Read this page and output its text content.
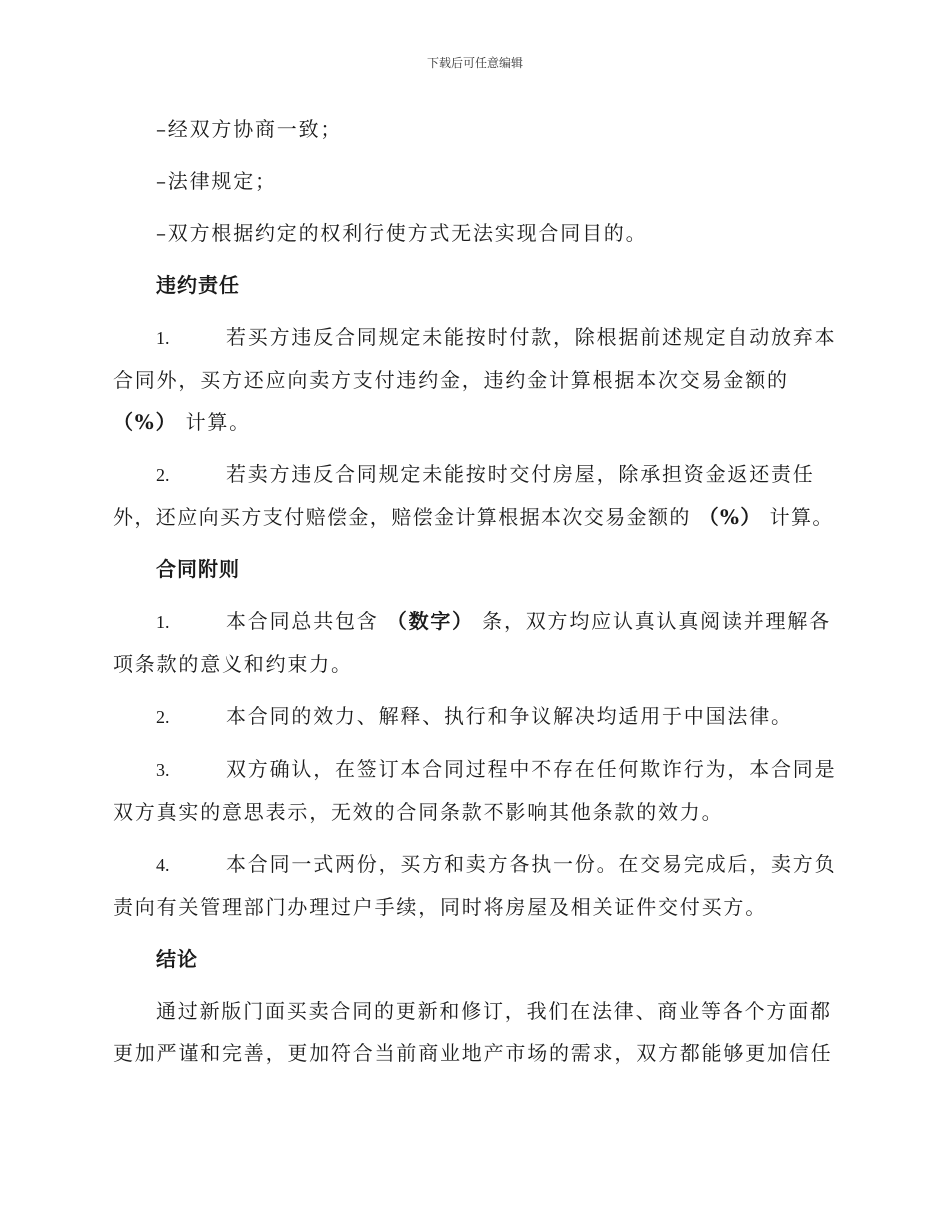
下载后可任意编辑
–经双方协商一致；
–法律规定；
–双方根据约定的权利行使方式无法实现合同目的。
违约责任
1.	若买方违反合同规定未能按时付款，除根据前述规定自动放弃本
合同外，买方还应向卖方支付违约金，违约金计算根据本次交易金额的
（%） 计算。
2.	若卖方违反合同规定未能按时交付房屋，除承担资金返还责任
外，还应向买方支付赔偿金，赔偿金计算根据本次交易金额的 （%） 计算。
合同附则
1.	本合同总共包含 （数字） 条，双方均应认真认真阅读并理解各
项条款的意义和约束力。
2.	本合同的效力、解释、执行和争议解决均适用于中国法律。
3.	双方确认，在签订本合同过程中不存在任何欺诈行为，本合同是
双方真实的意思表示，无效的合同条款不影响其他条款的效力。
4.	本合同一式两份，买方和卖方各执一份。在交易完成后，卖方负
责向有关管理部门办理过户手续，同时将房屋及相关证件交付买方。
结论
通过新版门面买卖合同的更新和修订，我们在法律、商业等各个方面都
更加严谨和完善，更加符合当前商业地产市场的需求，双方都能够更加信任
